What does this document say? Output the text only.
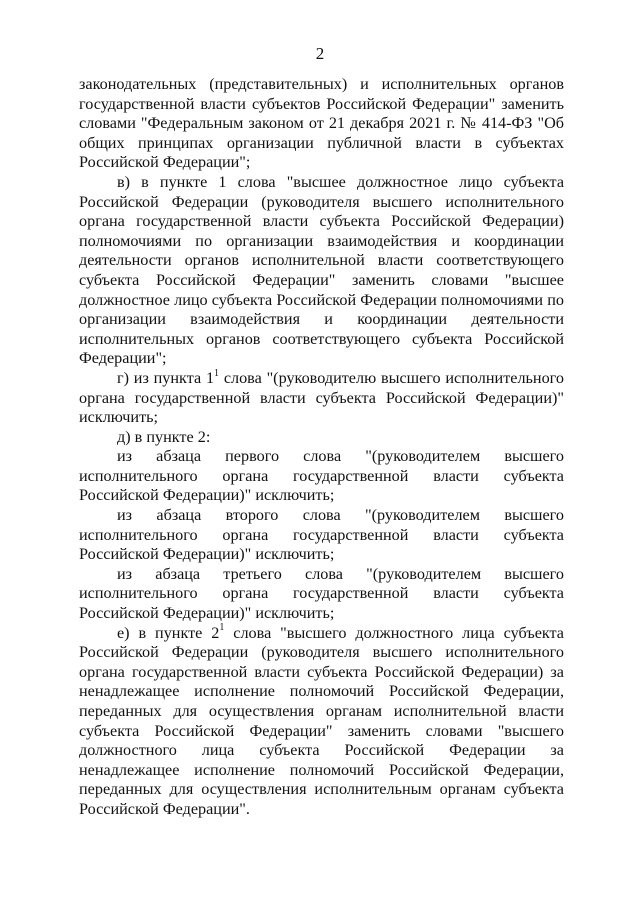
2

законодательных (представительных) и исполнительных органов государственной власти субъектов Российской Федерации" заменить словами "Федеральным законом от 21 декабря 2021 г. № 414-ФЗ "Об общих принципах организации публичной власти в субъектах Российской Федерации";

в) в пункте 1 слова "высшее должностное лицо субъекта Российской Федерации (руководителя высшего исполнительного органа государственной власти субъекта Российской Федерации) полномочиями по организации взаимодействия и координации деятельности органов исполнительной власти соответствующего субъекта Российской Федерации" заменить словами "высшее должностное лицо субъекта Российской Федерации полномочиями по организации взаимодействия и координации деятельности исполнительных органов соответствующего субъекта Российской Федерации";

г) из пункта $1^1$ слова "(руководителю высшего исполнительного органа государственной власти субъекта Российской Федерации)" исключить;

д) в пункте 2:

из абзаца первого слова "(руководителем высшего исполнительного органа государственной власти субъекта Российской Федерации)" исключить;

из абзаца второго слова "(руководителем высшего исполнительного органа государственной власти субъекта Российской Федерации)" исключить;

из абзаца третьего слова "(руководителем высшего исполнительного органа государственной власти субъекта Российской Федерации)" исключить;

е) в пункте $2^1$ слова "высшего должностного лица субъекта Российской Федерации (руководителя высшего исполнительного органа государственной власти субъекта Российской Федерации) за ненадлежащее исполнение полномочий Российской Федерации, переданных для осуществления органам исполнительной власти субъекта Российской Федерации" заменить словами "высшего должностного лица субъекта Российской Федерации за ненадлежащее исполнение полномочий Российской Федерации, переданных для осуществления исполнительным органам субъекта Российской Федерации".
